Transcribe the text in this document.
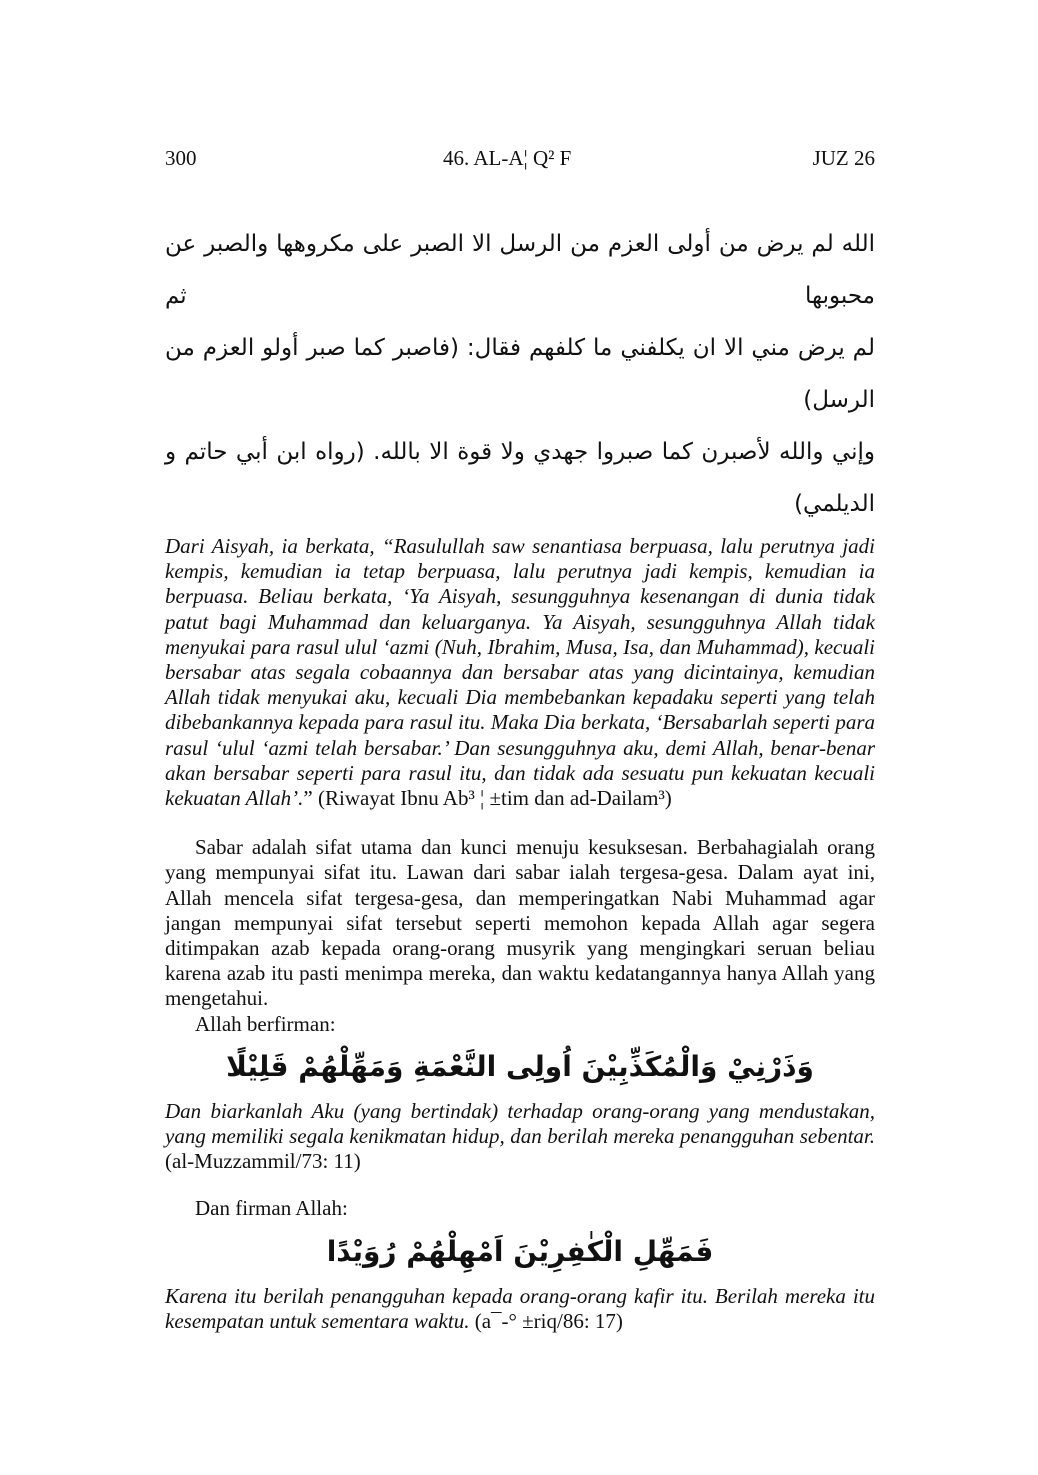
300	46. AL-A¦ Q² F	JUZ 26
الله لم يرض من أولى العزم من الرسل الا الصبر على مكروهها والصبر عن محبوبها ثم
لم يرض مني الا ان يكلفني ما كلفهم فقال: (فاصبر كما صبر أولو العزم من الرسل)
وإني والله لأصبرن كما صبروا جهدي ولا قوة الا بالله. (رواه ابن أبي حاتم و الديلمي)

Dari Aisyah, ia berkata, “Rasulullah saw senantiasa berpuasa, lalu perutnya jadi kempis, kemudian ia tetap berpuasa, lalu perutnya jadi kempis, kemudian ia berpuasa. Beliau berkata, ‘Ya Aisyah, sesungguhnya kesenangan di dunia tidak patut bagi Muhammad dan keluarganya. Ya Aisyah, sesungguhnya Allah tidak menyukai para rasul ulul ‘azmi (Nuh, Ibrahim, Musa, Isa, dan Muhammad), kecuali bersabar atas segala cobaannya dan bersabar atas yang dicintainya, kemudian Allah tidak menyukai aku, kecuali Dia membebankan kepadaku seperti yang telah dibebankannya kepada para rasul itu. Maka Dia berkata, ‘Bersabarlah seperti para rasul ‘ulul ‘azmi telah bersabar.’ Dan sesungguhnya aku, demi Allah, benar-benar akan bersabar seperti para rasul itu, dan tidak ada sesuatu pun kekuatan kecuali kekuatan Allah’.” (Riwayat Ibnu Ab³ ¦ ±tim dan ad-Dailam³)

Sabar adalah sifat utama dan kunci menuju kesuksesan. Berbahagialah orang yang mempunyai sifat itu. Lawan dari sabar ialah tergesa-gesa. Dalam ayat ini, Allah mencela sifat tergesa-gesa, dan memperingatkan Nabi Muhammad agar jangan mempunyai sifat tersebut seperti memohon kepada Allah agar segera ditimpakan azab kepada orang-orang musyrik yang mengingkari seruan beliau karena azab itu pasti menimpa mereka, dan waktu kedatangannya hanya Allah yang mengetahui.

Allah berfirman:

وَذَرْنِيْ وَالْمُكَذِّبِيْنَ اُولِى النَّعْمَةِ وَمَهِّلْهُمْ قَلِيْلًا

Dan biarkanlah Aku (yang bertindak) terhadap orang-orang yang mendustakan, yang memiliki segala kenikmatan hidup, dan berilah mereka penangguhan sebentar. (al-Muzzammil/73: 11)

Dan firman Allah:

فَمَهِّلِ الْكٰفِرِيْنَ اَمْهِلْهُمْ رُوَيْدًا

Karena itu berilah penangguhan kepada orang-orang kafir itu. Berilah mereka itu kesempatan untuk sementara waktu. (a¯-° ±riq/86: 17)
